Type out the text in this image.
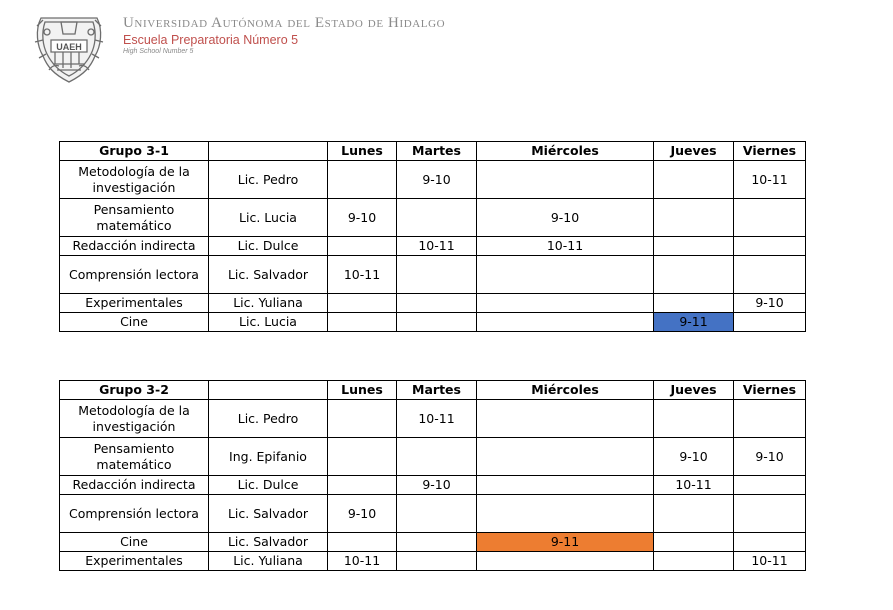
UAEH
Universidad Autónoma del Estado de Hidalgo
Escuela Preparatoria Número 5
High School Number 5
Grupo 3-1		Lunes	Martes	Miércoles	Jueves	Viernes
Metodología de la investigación	Lic. Pedro		9-10			10-11
Pensamiento matemático	Lic. Lucia	9-10		9-10		
Redacción indirecta	Lic. Dulce		10-11	10-11		
Comprensión lectora	Lic. Salvador	10-11				
Experimentales	Lic. Yuliana					9-10
Cine	Lic. Lucia				9-11	
Grupo 3-2		Lunes	Martes	Miércoles	Jueves	Viernes
Metodología de la investigación	Lic. Pedro		10-11			
Pensamiento matemático	Ing. Epifanio				9-10	9-10
Redacción indirecta	Lic. Dulce		9-10		10-11	
Comprensión lectora	Lic. Salvador	9-10				
Cine	Lic. Salvador			9-11		
Experimentales	Lic. Yuliana	10-11				10-11
